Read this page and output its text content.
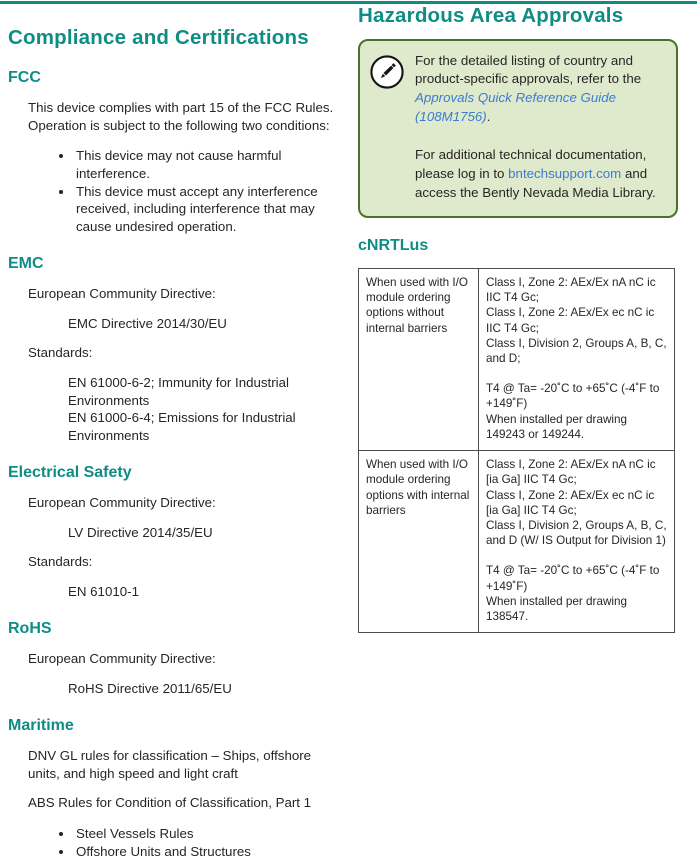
Compliance and Certifications
FCC

This device complies with part 15 of the FCC Rules. Operation is subject to the following two conditions:

• This device may not cause harmful interference.
• This device must accept any interference received, including interference that may cause undesired operation.
EMC

European Community Directive:

EMC Directive 2014/30/EU

Standards:

EN 61000-6-2; Immunity for Industrial Environments

EN 61000-6-4; Emissions for Industrial Environments

Electrical Safety

European Community Directive:

LV Directive 2014/35/EU

Standards:

EN 61010-1

RoHS

European Community Directive:

RoHS Directive 2011/65/EU

Maritime

DNV GL rules for classification – Ships, offshore units, and high speed and light craft

ABS Rules for Condition of Classification, Part 1

• Steel Vessels Rules
• Offshore Units and Structures
Hazardous Area Approvals
For the detailed listing of country and product-specific approvals, refer to the Approvals Quick Reference Guide (108M1756).
For additional technical documentation, please log in to bntechsupport.com and access the Bently Nevada Media Library.
cNRTLus
When used with I/O module ordering options without internal barriers	Class I, Zone 2: AEx/Ex nA nC ic IIC T4 Gc;
Class I, Zone 2: AEx/Ex ec nC ic IIC T4 Gc;
Class I, Division 2, Groups A, B, C, and D;
T4 @ Ta= -20˚C to +65˚C (-4˚F to +149˚F)
When installed per drawing 149243 or 149244.

When used with I/O module ordering options with internal barriers	Class I, Zone 2: AEx/Ex nA nC ic [ia Ga] IIC T4 Gc;
Class I, Zone 2: AEx/Ex ec nC ic [ia Ga] IIC T4 Gc;
Class I, Division 2, Groups A, B, C, and D (W/ IS Output for Division 1)
T4 @ Ta= -20˚C to +65˚C (-4˚F to +149˚F)
When installed per drawing 138547.
